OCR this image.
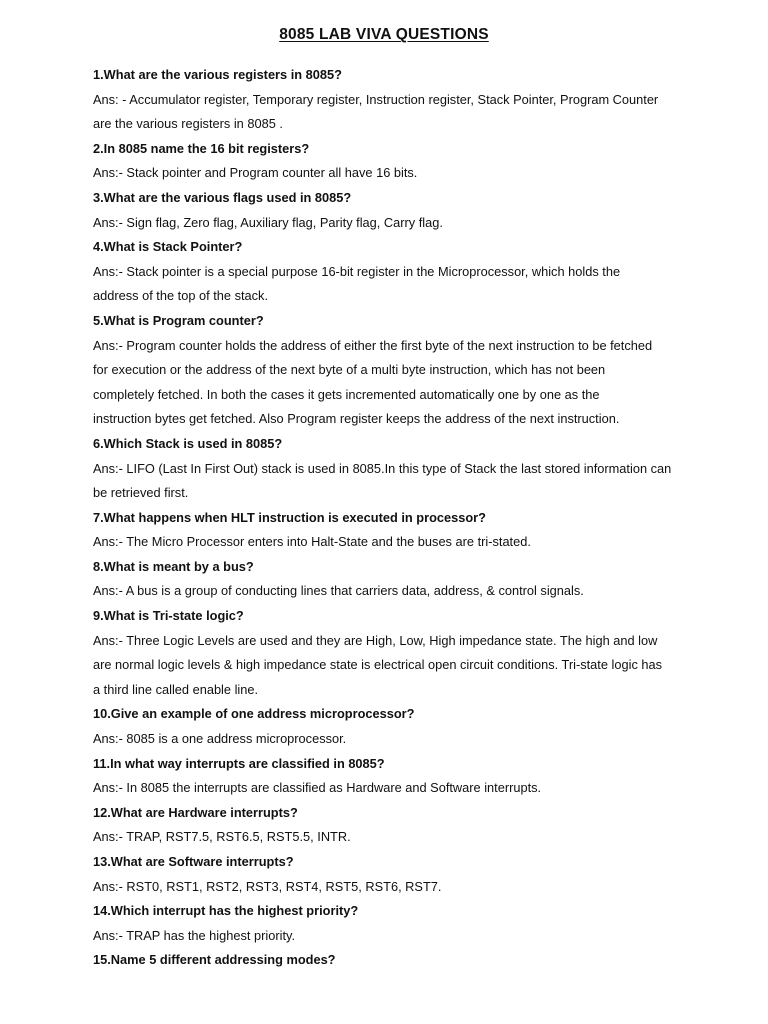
8085 LAB VIVA QUESTIONS
1.What are the various registers in 8085?
Ans: - Accumulator register, Temporary register, Instruction register, Stack Pointer, Program Counter
are the various registers in 8085 .
2.In 8085 name the 16 bit registers?
Ans:- Stack pointer and Program counter all have 16 bits.
3.What are the various flags used in 8085?
Ans:- Sign flag, Zero flag, Auxiliary flag, Parity flag, Carry flag.
4.What is Stack Pointer?
Ans:- Stack pointer is a special purpose 16-bit register in the Microprocessor, which holds the
address of the top of the stack.
5.What is Program counter?
Ans:- Program counter holds the address of either the first byte of the next instruction to be fetched
for execution or the address of the next byte of a multi byte instruction, which has not been
completely fetched. In both the cases it gets incremented automatically one by one as the
instruction bytes get fetched. Also Program register keeps the address of the next instruction.
6.Which Stack is used in 8085?
Ans:- LIFO (Last In First Out) stack is used in 8085.In this type of Stack the last stored information can
be retrieved first.
7.What happens when HLT instruction is executed in processor?
Ans:- The Micro Processor enters into Halt-State and the buses are tri-stated.
8.What is meant by a bus?
Ans:- A bus is a group of conducting lines that carriers data, address, & control signals.
9.What is Tri-state logic?
Ans:- Three Logic Levels are used and they are High, Low, High impedance state. The high and low
are normal logic levels & high impedance state is electrical open circuit conditions. Tri-state logic has
a third line called enable line.
10.Give an example of one address microprocessor?
Ans:- 8085 is a one address microprocessor.
11.In what way interrupts are classified in 8085?
Ans:- In 8085 the interrupts are classified as Hardware and Software interrupts.
12.What are Hardware interrupts?
Ans:- TRAP, RST7.5, RST6.5, RST5.5, INTR.
13.What are Software interrupts?
Ans:- RST0, RST1, RST2, RST3, RST4, RST5, RST6, RST7.
14.Which interrupt has the highest priority?
Ans:- TRAP has the highest priority.
15.Name 5 different addressing modes?
